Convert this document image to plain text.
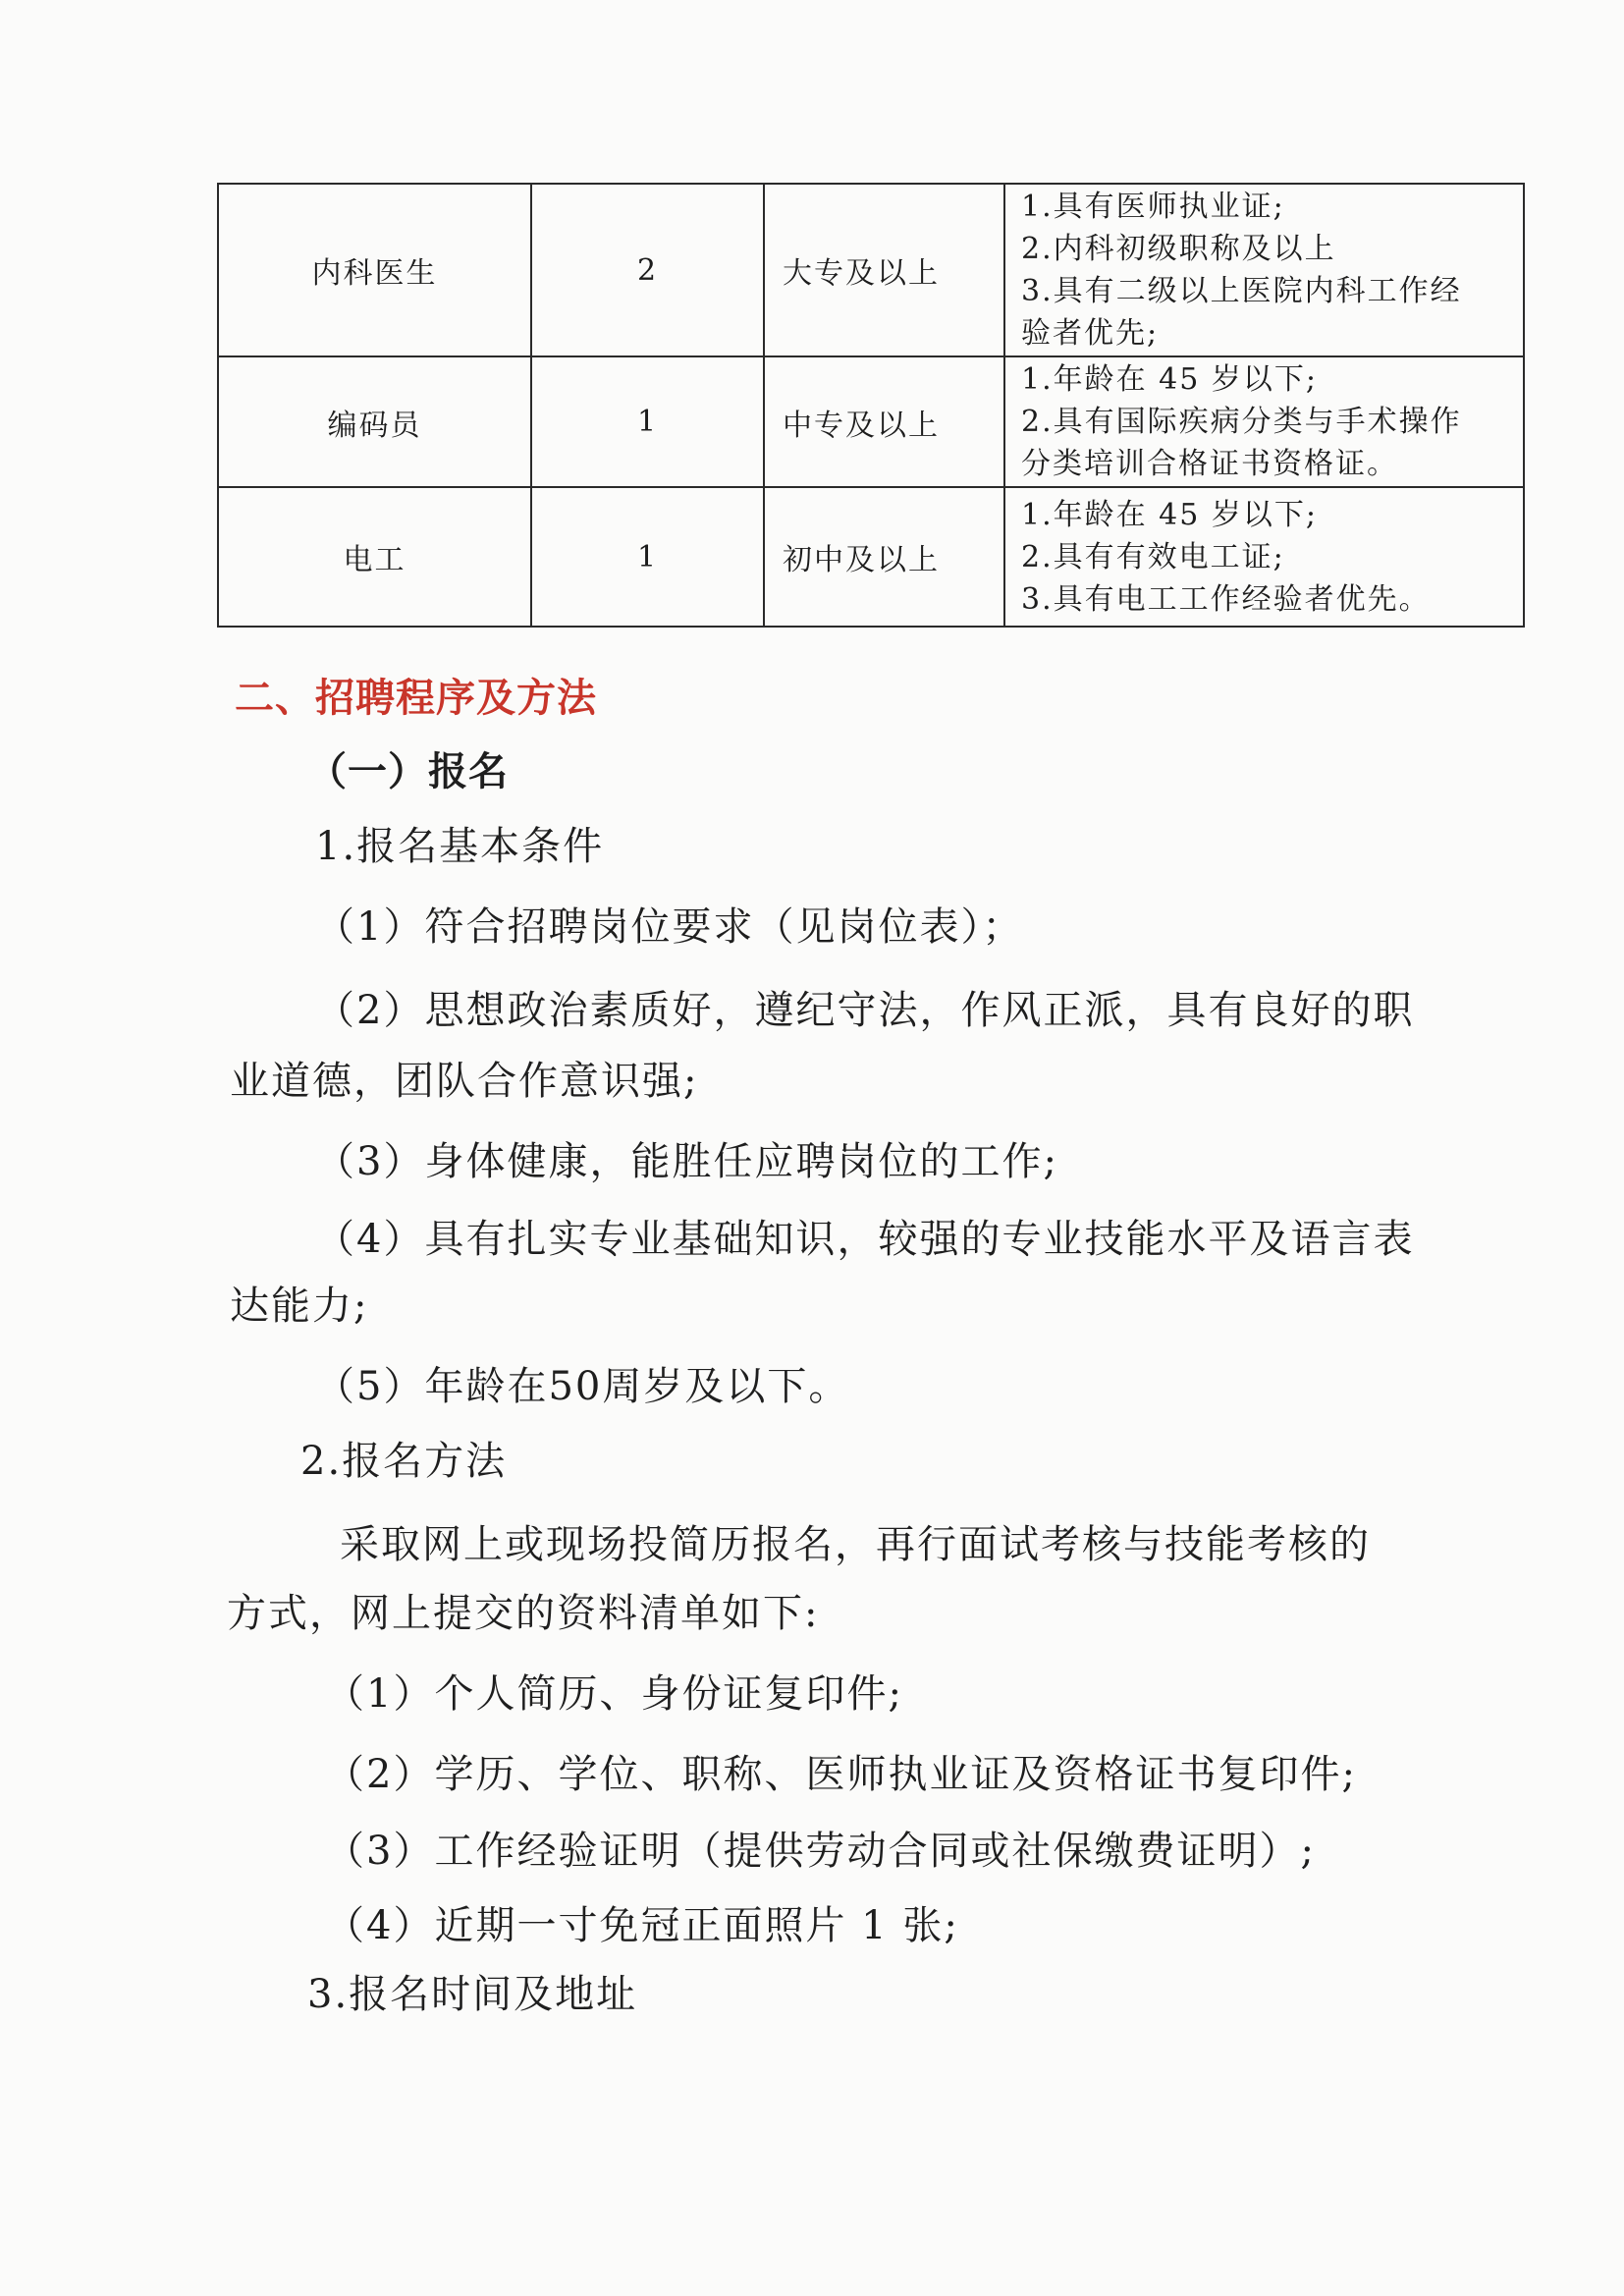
内科医生	2	大专及以上	1.具有医师执业证;
2.内科初级职称及以上
3.具有二级以上医院内科工作经
验者优先;

编码员	1	中专及以上	1.年龄在 45 岁以下;
2.具有国际疾病分类与手术操作
分类培训合格证书资格证。

电工	1	初中及以上	1.年龄在 45 岁以下;
2.具有有效电工证;
3.具有电工工作经验者优先。
二、招聘程序及方法
（一）报名
1.报名基本条件
（1）符合招聘岗位要求（见岗位表）；
（2）思想政治素质好，遵纪守法，作风正派，具有良好的职
业道德，团队合作意识强;
（3）身体健康，能胜任应聘岗位的工作;
（4）具有扎实专业基础知识，较强的专业技能水平及语言表
达能力;
（5）年龄在50周岁及以下。
2.报名方法
采取网上或现场投简历报名，再行面试考核与技能考核的
方式，网上提交的资料清单如下:
（1）个人简历、身份证复印件;
（2）学历、学位、职称、医师执业证及资格证书复印件;
（3）工作经验证明（提供劳动合同或社保缴费证明）;
（4）近期一寸免冠正面照片 1 张;
3.报名时间及地址
